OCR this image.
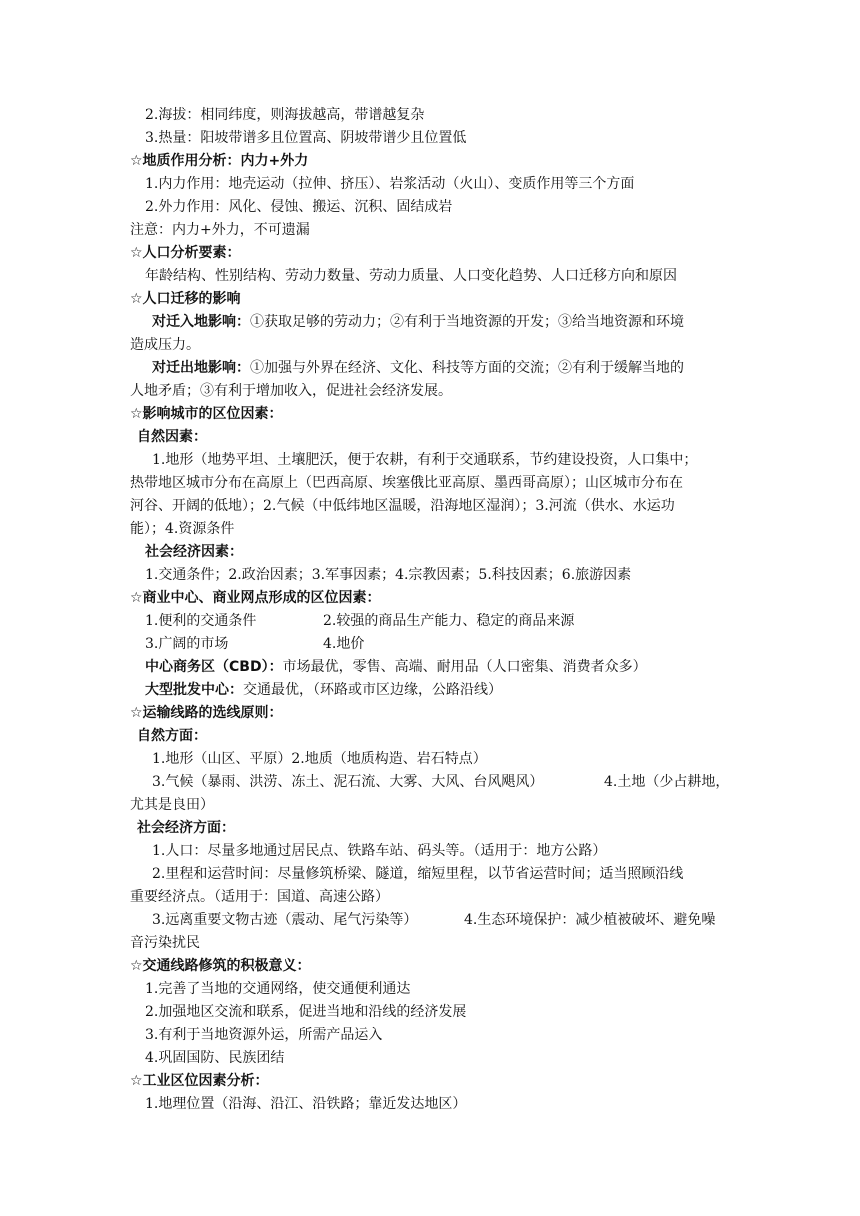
2.海拔：相同纬度，则海拔越高，带谱越复杂
3.热量：阳坡带谱多且位置高、阴坡带谱少且位置低
☆地质作用分析：内力+外力
1.内力作用：地壳运动（拉伸、挤压）、岩浆活动（火山）、变质作用等三个方面
2.外力作用：风化、侵蚀、搬运、沉积、固结成岩
注意：内力+外力，不可遗漏
☆人口分析要素：
年龄结构、性别结构、劳动力数量、劳动力质量、人口变化趋势、人口迁移方向和原因
☆人口迁移的影响
对迁入地影响：①获取足够的劳动力；②有利于当地资源的开发；③给当地资源和环境
造成压力。
对迁出地影响：①加强与外界在经济、文化、科技等方面的交流；②有利于缓解当地的
人地矛盾；③有利于增加收入，促进社会经济发展。
☆影响城市的区位因素：
自然因素：
1.地形（地势平坦、土壤肥沃，便于农耕，有利于交通联系，节约建设投资，人口集中；
热带地区城市分布在高原上（巴西高原、埃塞俄比亚高原、墨西哥高原）；山区城市分布在
河谷、开阔的低地）；2.气候（中低纬地区温暖，沿海地区湿润）；3.河流（供水、水运功
能）；4.资源条件
社会经济因素：
1.交通条件；2.政治因素；3.军事因素；4.宗教因素；5.科技因素；6.旅游因素
☆商业中心、商业网点形成的区位因素：
1.便利的交通条件	2.较强的商品生产能力、稳定的商品来源
3.广阔的市场	4.地价
中心商务区（CBD）：市场最优，零售、高端、耐用品（人口密集、消费者众多）
大型批发中心：交通最优，（环路或市区边缘，公路沿线）
☆运输线路的选线原则：
自然方面：
1.地形（山区、平原）2.地质（地质构造、岩石特点）
3.气候（暴雨、洪涝、冻土、泥石流、大雾、大风、台风飓风）	4.土地（少占耕地，
尤其是良田）
社会经济方面：
1.人口：尽量多地通过居民点、铁路车站、码头等。（适用于：地方公路）
2.里程和运营时间：尽量修筑桥梁、隧道，缩短里程，以节省运营时间；适当照顾沿线
重要经济点。（适用于：国道、高速公路）
3.远离重要文物古迹（震动、尾气污染等）	4.生态环境保护：减少植被破坏、避免噪
音污染扰民
☆交通线路修筑的积极意义：
1.完善了当地的交通网络，使交通便利通达
2.加强地区交流和联系，促进当地和沿线的经济发展
3.有利于当地资源外运，所需产品运入
4.巩固国防、民族团结
☆工业区位因素分析：
1.地理位置（沿海、沿江、沿铁路；靠近发达地区）
